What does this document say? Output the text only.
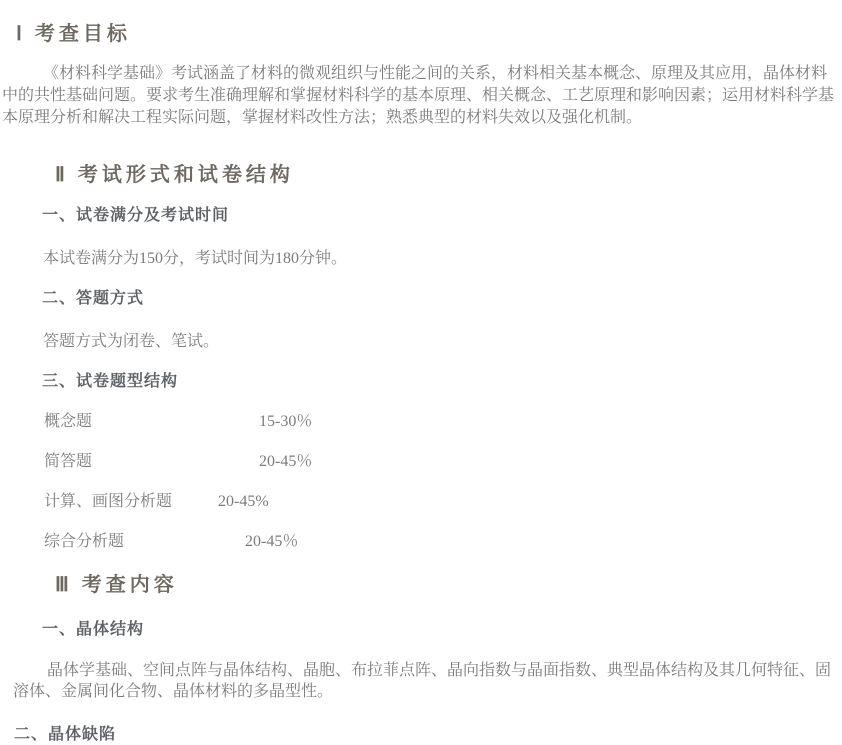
Ⅰ 考查目标
《材料科学基础》考试涵盖了材料的微观组织与性能之间的关系，材料相关基本概念、原理及其应用，晶体材料中的共性基础问题。要求考生准确理解和掌握材料科学的基本原理、相关概念、工艺原理和影响因素；运用材料科学基本原理分析和解决工程实际问题，掌握材料改性方法；熟悉典型的材料失效以及强化机制。
Ⅱ 考试形式和试卷结构
一、试卷满分及考试时间
本试卷满分为150分，考试时间为180分钟。
二、答题方式
答题方式为闭卷、笔试。
三、试卷题型结构
概念题	15-30％
简答题	20-45％
计算、画图分析题	20-45%
综合分析题	20-45％
Ⅲ 考查内容
一、晶体结构
晶体学基础、空间点阵与晶体结构、晶胞、布拉菲点阵、晶向指数与晶面指数、典型晶体结构及其几何特征、固溶体、金属间化合物、晶体材料的多晶型性。
二、晶体缺陷
